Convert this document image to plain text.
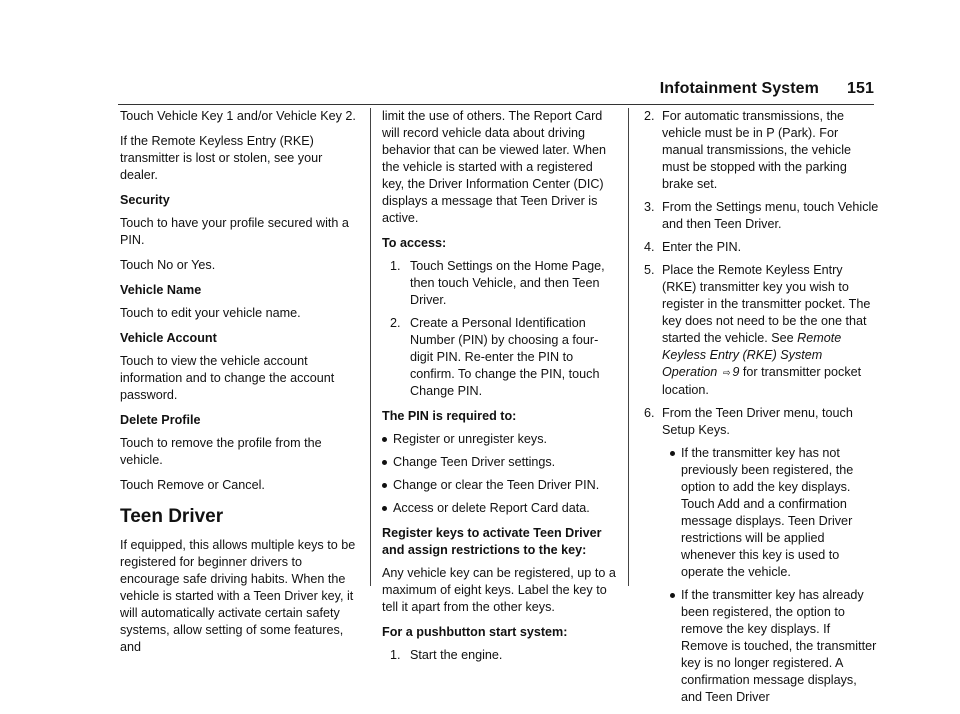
Infotainment System 151

Touch Vehicle Key 1 and/or Vehicle Key 2.

If the Remote Keyless Entry (RKE) transmitter is lost or stolen, see your dealer.

Security

Touch to have your profile secured with a PIN.

Touch No or Yes.

Vehicle Name

Touch to edit your vehicle name.

Vehicle Account

Touch to view the vehicle account information and to change the account password.

Delete Profile

Touch to remove the profile from the vehicle.

Touch Remove or Cancel.

Teen Driver

If equipped, this allows multiple keys to be registered for beginner drivers to encourage safe driving habits. When the vehicle is started with a Teen Driver key, it will automatically activate certain safety systems, allow setting of some features, and

limit the use of others. The Report Card will record vehicle data about driving behavior that can be viewed later. When the vehicle is started with a registered key, the Driver Information Center (DIC) displays a message that Teen Driver is active.

To access:

1. Touch Settings on the Home Page, then touch Vehicle, and then Teen Driver.
2. Create a Personal Identification Number (PIN) by choosing a four-digit PIN. Re-enter the PIN to confirm. To change the PIN, touch Change PIN.

The PIN is required to:

Register or unregister keys.
Change Teen Driver settings.
Change or clear the Teen Driver PIN.
Access or delete Report Card data.

Register keys to activate Teen Driver and assign restrictions to the key:

Any vehicle key can be registered, up to a maximum of eight keys. Label the key to tell it apart from the other keys.

For a pushbutton start system:

1. Start the engine.
2. For automatic transmissions, the vehicle must be in P (Park). For manual transmissions, the vehicle must be stopped with the parking brake set.
3. From the Settings menu, touch Vehicle and then Teen Driver.
4. Enter the PIN.
5. Place the Remote Keyless Entry (RKE) transmitter key you wish to register in the transmitter pocket. The key does not need to be the one that started the vehicle. See Remote Keyless Entry (RKE) System Operation ⇨ 9 for transmitter pocket location.
6. From the Teen Driver menu, touch Setup Keys.
If the transmitter key has not previously been registered, the option to add the key displays. Touch Add and a confirmation message displays. Teen Driver restrictions will be applied whenever this key is used to operate the vehicle.
If the transmitter key has already been registered, the option to remove the key displays. If Remove is touched, the transmitter key is no longer registered. A confirmation message displays, and Teen Driver
